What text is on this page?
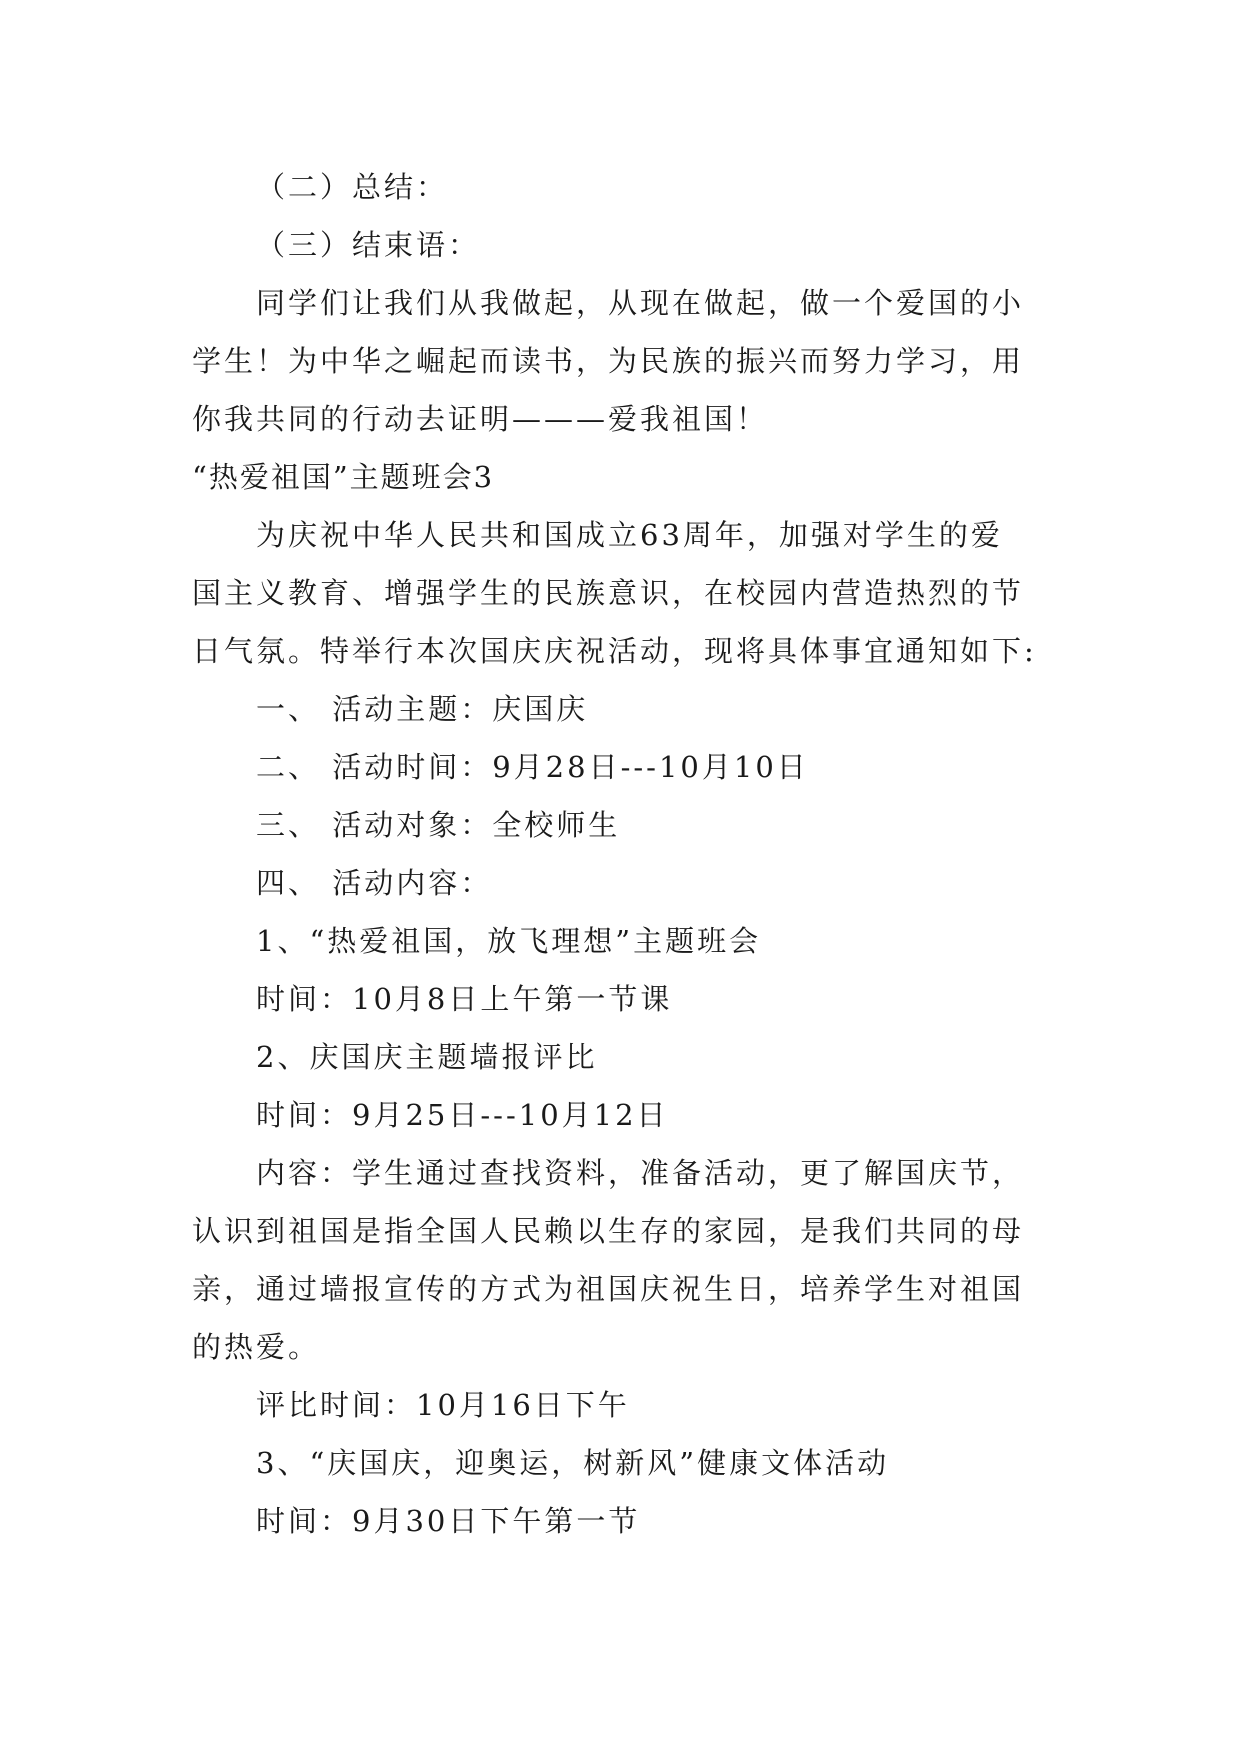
（二）总结：
（三）结束语：
同学们让我们从我做起，从现在做起，做一个爱国的小
学生！为中华之崛起而读书，为民族的振兴而努力学习，用
你我共同的行动去证明———爱我祖国！
“热爱祖国”主题班会3
为庆祝中华人民共和国成立63周年，加强对学生的爱
国主义教育、增强学生的民族意识，在校园内营造热烈的节
日气氛。特举行本次国庆庆祝活动，现将具体事宜通知如下:
一、 活动主题：庆国庆
二、 活动时间：9月28日---10月10日
三、 活动对象：全校师生
四、 活动内容：
1、“热爱祖国，放飞理想”主题班会
时间：10月8日上午第一节课
2、庆国庆主题墙报评比
时间：9月25日---10月12日
内容：学生通过查找资料，准备活动，更了解国庆节，
认识到祖国是指全国人民赖以生存的家园，是我们共同的母
亲，通过墙报宣传的方式为祖国庆祝生日，培养学生对祖国
的热爱。
评比时间：10月16日下午
3、“庆国庆，迎奥运，树新风”健康文体活动
时间：9月30日下午第一节
